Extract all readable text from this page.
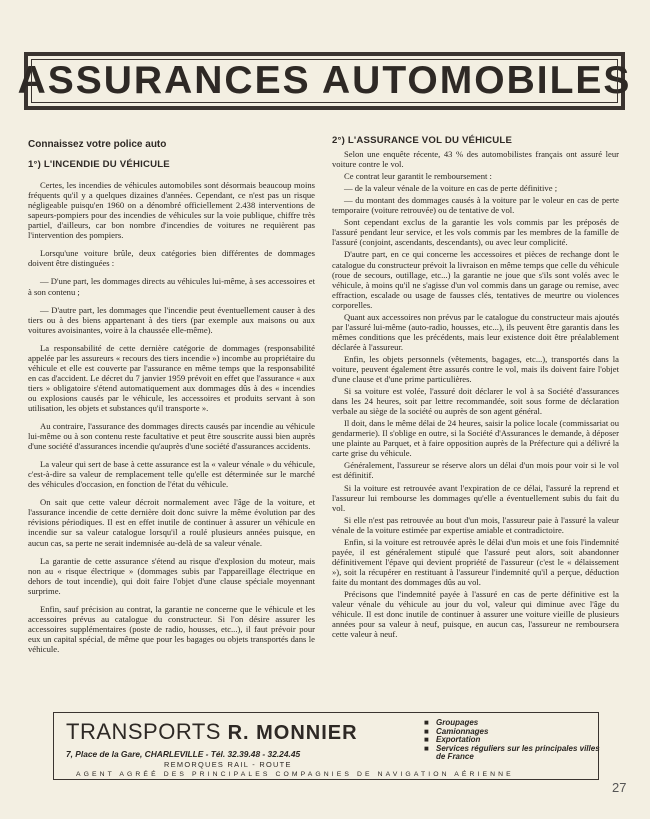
ASSURANCES AUTOMOBILES
Connaissez votre police auto
1°) L'INCENDIE DU VÉHICULE

Certes, les incendies de véhicules automobiles sont désormais beaucoup moins fréquents qu'il y a quelques dizaines d'années. Cependant, ce n'est pas un risque négligeable puisqu'en 1960 on a dénombré officiellement 2.438 interventions de sapeurs-pompiers pour des incendies de véhicules sur la voie publique, chiffre très partiel, d'ailleurs, car bon nombre d'incendies de voitures ne requièrent pas l'intervention des pompiers.

Lorsqu'une voiture brûle, deux catégories bien différentes de dommages doivent être distinguées :

— D'une part, les dommages directs au véhicules lui-même, à ses accessoires et à son contenu ;

— D'autre part, les dommages que l'incendie peut éventuellement causer à des tiers ou à des biens appartenant à des tiers (par exemple aux maisons ou aux voitures avoisinantes, voire à la chaussée elle-même).

La responsabilité de cette dernière catégorie de dommages (responsabilité appelée par les assureurs « recours des tiers incendie ») incombe au propriétaire du véhicule et elle est couverte par l'assurance en même temps que la responsabilité en cas d'accident. Le décret du 7 janvier 1959 prévoit en effet que l'assurance « aux tiers » obligatoire s'étend automatiquement aux dommages dûs à des « incendies ou explosions causés par le véhicule, les accessoires et produits servant à son utilisation, les objets et substances qu'il transporte ».

Au contraire, l'assurance des dommages directs causés par incendie au véhicule lui-même ou à son contenu reste facultative et peut être souscrite aussi bien auprès d'une société d'assurances incendie qu'auprès d'une société d'assurances accidents.

La valeur qui sert de base à cette assurance est la « valeur vénale » du véhicule, c'est-à-dire sa valeur de remplacement telle qu'elle est déterminée sur le marché des véhicules d'occasion, en fonction de l'état du véhicule.

On sait que cette valeur décroit normalement avec l'âge de la voiture, et l'assurance incendie de cette dernière doit donc suivre la même évolution par des révisions périodiques. Il est en effet inutile de continuer à assurer un véhicule en incendie sur sa valeur catalogue lorsqu'il a roulé plusieurs années puisque, en aucun cas, sa perte ne serait indemnisée au-delà de sa valeur vénale.

La garantie de cette assurance s'étend au risque d'explosion du moteur, mais non au « risque électrique » (dommages subis par l'appareillage électrique en dehors de tout incendie), qui doit faire l'objet d'une clause spéciale moyennant surprime.

Enfin, sauf précision au contrat, la garantie ne concerne que le véhicule et les accessoires prévus au catalogue du constructeur. Si l'on désire assurer les accessoires supplémentaires (poste de radio, housses, etc...), il faut prévoir pour eux un capital spécial, de même que pour les bagages ou objets transportés dans le véhicule.

2°) L'ASSURANCE VOL DU VÉHICULE

Selon une enquête récente, 43 % des automobilistes français ont assuré leur voiture contre le vol.

Ce contrat leur garantit le remboursement :

— de la valeur vénale de la voiture en cas de perte définitive ;

— du montant des dommages causés à la voiture par le voleur en cas de perte temporaire (voiture retrouvée) ou de tentative de vol.

Sont cependant exclus de la garantie les vols commis par les préposés de l'assuré pendant leur service, et les vols commis par les membres de la famille de l'assuré (conjoint, ascendants, descendants), ou avec leur complicité.

D'autre part, en ce qui concerne les accessoires et pièces de rechange dont le catalogue du constructeur prévoit la livraison en même temps que celle du véhicule (roue de secours, outillage, etc...) la garantie ne joue que s'ils sont volés avec le véhicule, à moins qu'il ne s'agisse d'un vol commis dans un garage ou remise, avec effraction, escalade ou usage de fausses clés, tentatives de meurtre ou violences corporelles.

Quant aux accessoires non prévus par le catalogue du constructeur mais ajoutés par l'assuré lui-même (auto-radio, housses, etc...), ils peuvent être garantis dans les mêmes conditions que les précédents, mais leur existence doit être préalablement déclarée à l'assureur.

Enfin, les objets personnels (vêtements, bagages, etc...), transportés dans la voiture, peuvent également être assurés contre le vol, mais ils doivent faire l'objet d'une clause et d'une prime particulières.

Si sa voiture est volée, l'assuré doit déclarer le vol à sa Société d'assurances dans les 24 heures, soit par lettre recommandée, soit sous forme de déclaration verbale au siège de la société ou auprès de son agent général.

Il doit, dans le même délai de 24 heures, saisir la police locale (commissariat ou gendarmerie). Il s'oblige en outre, si la Société d'Assurances le demande, à déposer une plainte au Parquet, et à faire opposition auprès de la Préfecture qui a délivré la carte grise du véhicule.

Généralement, l'assureur se réserve alors un délai d'un mois pour voir si le vol est définitif.

Si la voiture est retrouvée avant l'expiration de ce délai, l'assuré la reprend et l'assureur lui rembourse les dommages qu'elle a éventuellement subis du fait du vol.

Si elle n'est pas retrouvée au bout d'un mois, l'assureur paie à l'assuré la valeur vénale de la voiture estimée par expertise amiable et contradictoire.

Enfin, si la voiture est retrouvée après le délai d'un mois et une fois l'indemnité payée, il est généralement stipulé que l'assuré peut alors, soit abandonner définitivement l'épave qui devient propriété de l'assureur (c'est le « délaissement »), soit la récupérer en restituant à l'assureur l'indemnité qu'il a perçue, déduction faite du montant des dommages dûs au vol.

Précisons que l'indemnité payée à l'assuré en cas de perte définitive est la valeur vénale du véhicule au jour du vol, valeur qui diminue avec l'âge du véhicule. Il est donc inutile de continuer à assurer une voiture vieille de plusieurs années pour sa valeur à neuf, puisque, en aucun cas, l'assureur ne remboursera cette valeur à neuf.

TRANSPORTS R. MONNIER
7, Place de la Gare, CHARLEVILLE - Tél. 32.39.48 - 32.24.45
REMORQUES RAIL - ROUTE
AGENT AGRÉÉ DES PRINCIPALES COMPAGNIES DE NAVIGATION AÉRIENNE
■ Groupages
■ Camionnages
■ Exportation
■ Services réguliers sur les principales villes de France
27
